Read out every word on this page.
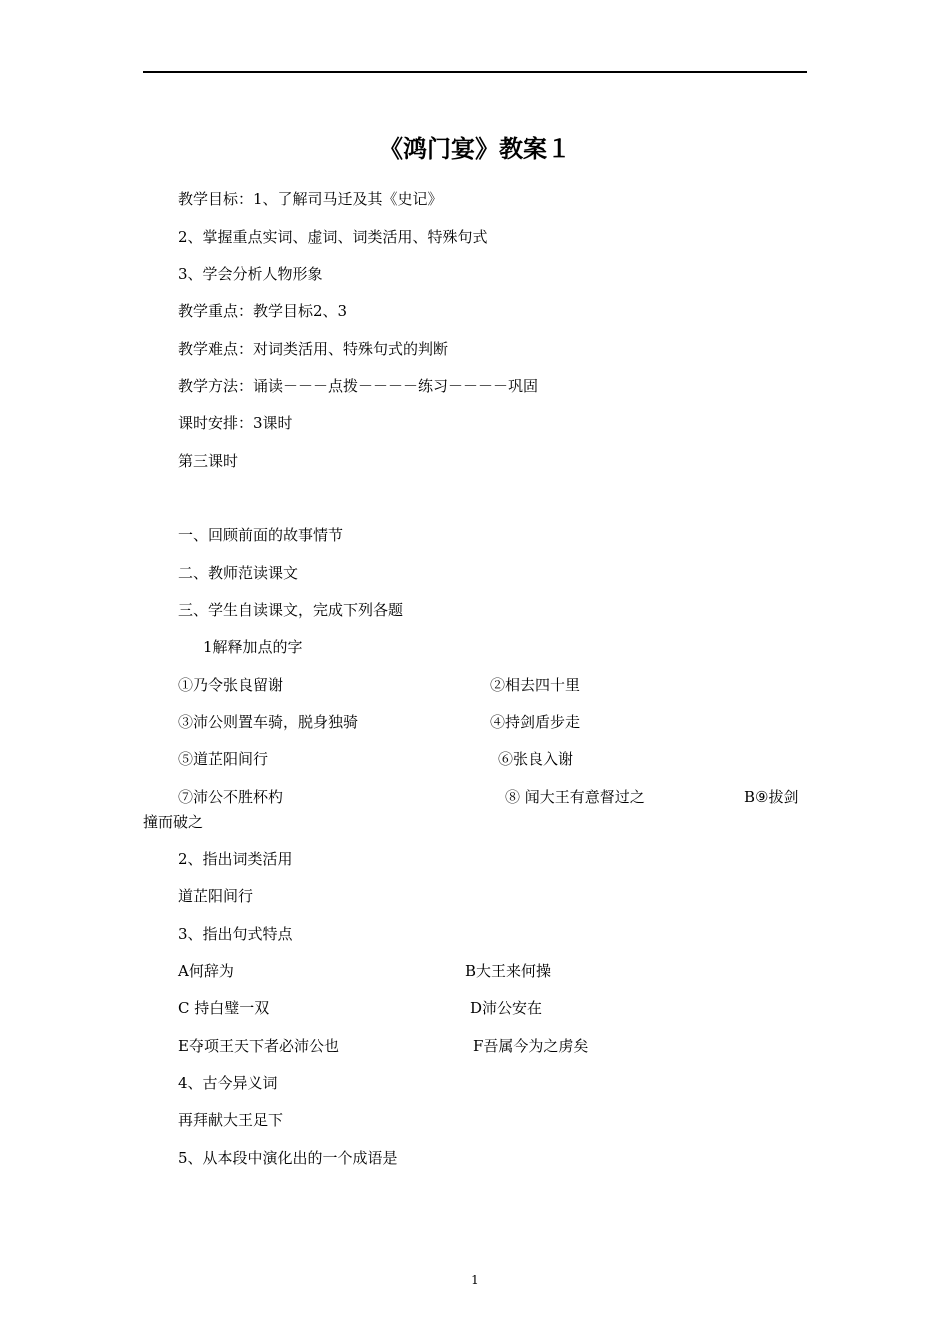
《鸿门宴》教案１
教学目标：1、了解司马迁及其《史记》
2、掌握重点实词、虚词、词类活用、特殊句式
3、学会分析人物形象
教学重点：教学目标2、3
教学难点：对词类活用、特殊句式的判断
教学方法：诵读－－－点拨－－－－练习－－－－巩固
课时安排：3课时
第三课时
一、回顾前面的故事情节
二、教师范读课文
三、学生自读课文，完成下列各题
1解释加点的字
①乃令张良留谢	②相去四十里
③沛公则置车骑，脱身独骑	④持剑盾步走
⑤道芷阳间行	⑥张良入谢
⑦沛公不胜杯杓	⑧ 闻大王有意督过之	B⑨拔剑
撞而破之
2、指出词类活用
道芷阳间行
3、指出句式特点
A何辞为	B大王来何操
C 持白璧一双	D沛公安在
E夺项王天下者必沛公也	F吾属今为之虏矣
4、古今异义词
再拜献大王足下
5、从本段中演化出的一个成语是
1
